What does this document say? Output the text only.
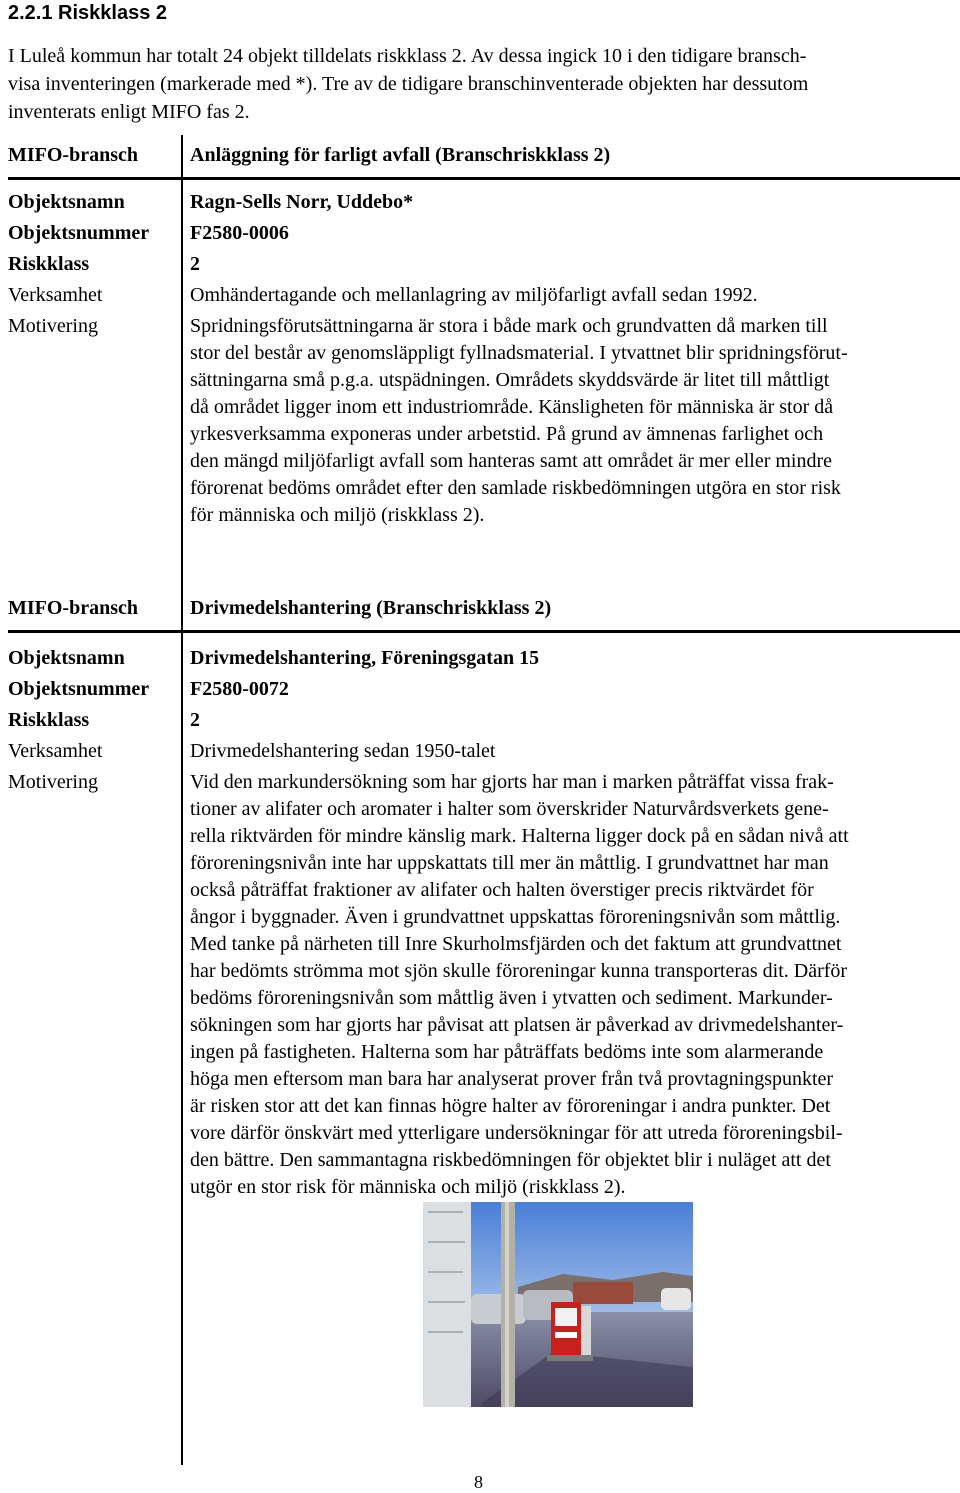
2.2.1 Riskklass 2
I Luleå kommun har totalt 24 objekt tilldelats riskklass 2. Av dessa ingick 10 i den tidigare bransch-
visa inventeringen (markerade med *). Tre av de tidigare branschinventerade objekten har dessutom
inventerats enligt MIFO fas 2.
MIFO-bransch	Anläggning för farligt avfall (Branschriskklass 2)
Objektsnamn	Ragn-Sells Norr, Uddebo*
Objektsnummer F2580-0006
Riskklass	2
Verksamhet	Omhändertagande och mellanlagring av miljöfarligt avfall sedan 1992.
Motivering	Spridningsförutsättningarna är stora i både mark och grundvatten då marken till
stor del består av genomsläppligt fyllnadsmaterial. I ytvattnet blir spridningsförut-
sättningarna små p.g.a. utspädningen. Områdets skyddsvärde är litet till måttligt
då området ligger inom ett industriområde. Känsligheten för människa är stor då
yrkesverksamma exponeras under arbetstid. På grund av ämnenas farlighet och
den mängd miljöfarligt avfall som hanteras samt att området är mer eller mindre
förorenat bedöms området efter den samlade riskbedömningen utgöra en stor risk
för människa och miljö (riskklass 2).
MIFO-bransch	Drivmedelshantering (Branschriskklass 2)
Objektsnamn	Drivmedelshantering, Föreningsgatan 15
Objektsnummer F2580-0072
Riskklass	2
Verksamhet	Drivmedelshantering sedan 1950-talet
Motivering	Vid den markundersökning som har gjorts har man i marken påträffat vissa frak-
tioner av alifater och aromater i halter som överskrider Naturvårdsverkets gene-
rella riktvärden för mindre känslig mark. Halterna ligger dock på en sådan nivå att
föroreningsnivån inte har uppskattats till mer än måttlig. I grundvattnet har man
också påträffat fraktioner av alifater och halten överstiger precis riktvärdet för
ångor i byggnader. Även i grundvattnet uppskattas föroreningsnivån som måttlig.
Med tanke på närheten till Inre Skurholmsfjärden och det faktum att grundvattnet
har bedömts strömma mot sjön skulle föroreningar kunna transporteras dit. Därför
bedöms föroreningsnivån som måttlig även i ytvatten och sediment. Markunder-
sökningen som har gjorts har påvisat att platsen är påverkad av drivmedelshanter-
ingen på fastigheten. Halterna som har påträffats bedöms inte som alarmerande
höga men eftersom man bara har analyserat prover från två provtagningspunkter
är risken stor att det kan finnas högre halter av föroreningar i andra punkter. Det
vore därför önskvärt med ytterligare undersökningar för att utreda föroreningsbil-
den bättre. Den sammantagna riskbedömningen för objektet blir i nuläget att det
utgör en stor risk för människa och miljö (riskklass 2).
8
